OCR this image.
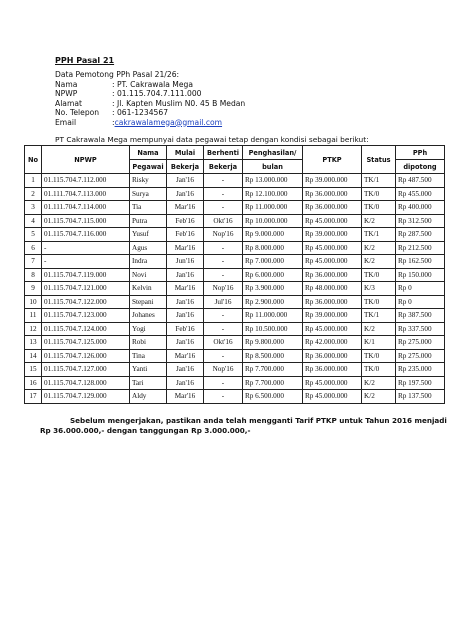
PPH Pasal 21
Data Pemotong PPh Pasal 21/26:
Nama	: PT. Cakrawala Mega
NPWP	: 01.115.704.7.111.000
Alamat	: Jl. Kapten Muslim N0. 45 B Medan
No. Telepon : 061-1234567
Email	:cakrawalamega@gmail.com
PT Cakrawala Mega mempunyai data pegawai tetap dengan kondisi sebagai berikut:
No	NPWP	Nama	Mulai	Berhenti	Penghasilan/	PTKP	Status	PPh
		Pegawai	Bekerja	Bekerja	bulan			dipotong
1	01.115.704.7.112.000	Risky	Jan'16	-	Rp 13.000.000	Rp 39.000.000	TK/1	Rp 487.500
2	01.111.704.7.113.000	Surya	Jan'16	-	Rp 12.100.000	Rp 36.000.000	TK/0	Rp 455.000
3	01.111.704.7.114.000	Tia	Mar'16	-	Rp 11.000.000	Rp 36.000.000	TK/0	Rp 400.000
4	01.115.704.7.115.000	Putra	Feb'16	Okt'16	Rp 10.000.000	Rp 45.000.000	K/2	Rp 312.500
5	01.115.704.7.116.000	Yusuf	Feb'16	Nop'16	Rp 9.000.000	Rp 39.000.000	TK/1	Rp 287.500
6	-	Agus	Mar'16	-	Rp 8.000.000	Rp 45.000.000	K/2	Rp 212.500
7	-	Indra	Jun'16	-	Rp 7.000.000	Rp 45.000.000	K/2	Rp 162.500
8	01.115.704.7.119.000	Novi	Jan'16	-	Rp 6.000.000	Rp 36.000.000	TK/0	Rp 150.000
9	01.115.704.7.121.000	Kelvin	Mar'16	Nop'16	Rp 3.900.000	Rp 48.000.000	K/3	Rp 0
10	01.115.704.7.122.000	Stepani	Jan'16	Jul'16	Rp 2.900.000	Rp 36.000.000	TK/0	Rp 0
11	01.115.704.7.123.000	Johanes	Jan'16	-	Rp 11.000.000	Rp 39.000.000	TK/1	Rp 387.500
12	01.115.704.7.124.000	Yogi	Feb'16	-	Rp 10.500.000	Rp 45.000.000	K/2	Rp 337.500
13	01.115.704.7.125.000	Robi	Jan'16	Okt'16	Rp 9.800.000	Rp 42.000.000	K/1	Rp 275.000
14	01.115.704.7.126.000	Tina	Mar'16	-	Rp 8.500.000	Rp 36.000.000	TK/0	Rp 275.000
15	01.115.704.7.127.000	Yanti	Jan'16	Nop'16	Rp 7.700.000	Rp 36.000.000	TK/0	Rp 235.000
16	01.115.704.7.128.000	Tari	Jan'16	-	Rp 7.700.000	Rp 45.000.000	K/2	Rp 197.500
17	01.115.704.7.129.000	Aldy	Mar'16	-	Rp 6.500.000	Rp 45.000.000	K/2	Rp 137.500
Sebelum mengerjakan, pastikan anda telah mengganti Tarif PTKP untuk Tahun 2016 menjadi
Rp 36.000.000,- dengan tanggungan Rp 3.000.000,-
